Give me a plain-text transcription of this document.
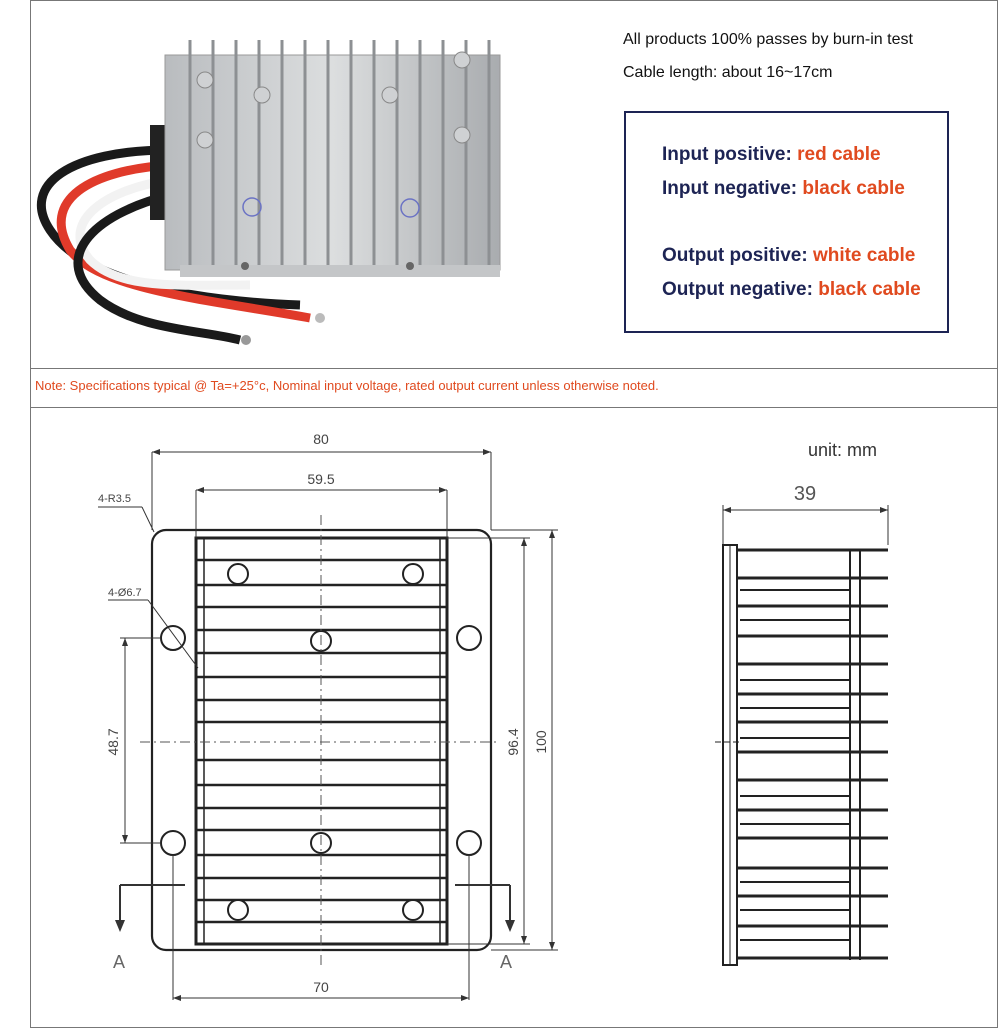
All products 100% passes by burn-in test
Cable length: about 16~17cm
Input positive: red cable
Input negative: black cable
Output positive: white cable
Output negative: black cable
Note: Specifications typical @ Ta=+25°c, Nominal input voltage, rated output current unless otherwise noted.
unit: mm
80
59.5
70
48.7	96.4 100
4-R3.5
4-Ø6.7
A	A
39
